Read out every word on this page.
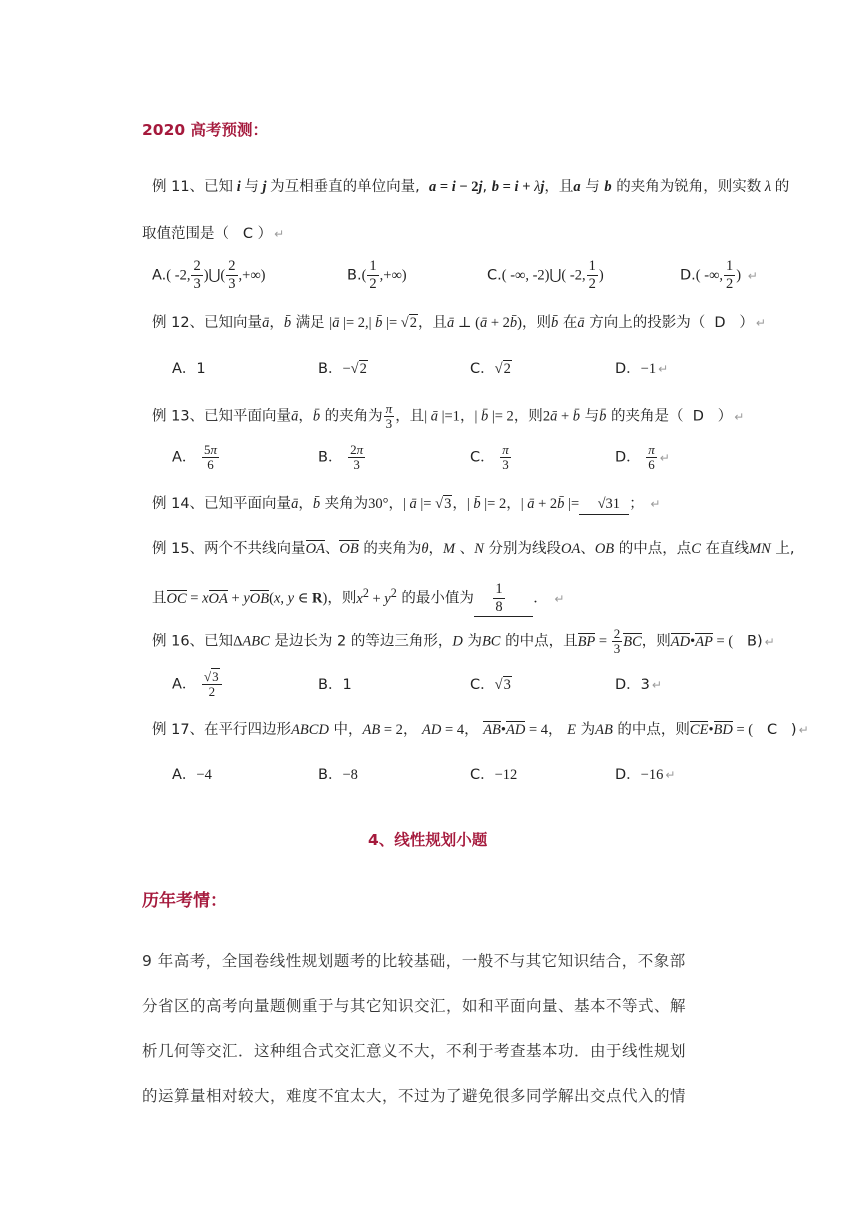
2020 高考预测：
例 11、已知 i 与 j 为互相垂直的单位向量, a = i − 2j, b = i + λj，且a 与 b 的夹角为锐角，则实数 λ 的
取值范围是（ C ） ↵
A.( -2, $\frac{2}{3}$ )⋃( $\frac{2}{3}$ ,+∞)	$B.( \frac{1}{2}$ ,+∞)	C.( -∞, -2)⋃( -2, $\frac{1}{2}$ )	D.( -∞, $\frac{1}{2}$ ) ↵
例 12、已知向量ā，b̄ 满足 |ā |= 2,| b̄ |= √2，且ā ⊥ (ā + 2b̄)，则b̄ 在ā 方向上的投影为（ D ） ↵
A．1	B．−√2	C．√2	D．−1 ↵
例 13、已知平面向量ā，b̄ 的夹角为 $\frac{\pi}{3}$ ，且| ā |=1，| b̄ |= 2，则2ā + b̄ 与b̄ 的夹角是（ D ） ↵
A． $\frac{5\pi}{6}$	B． $\frac{2\pi}{3}$	C． $\frac{\pi}{3}$	D． $\frac{\pi}{6}$ ↵
例 14、已知平面向量ā，b̄ 夹角为30°，| ā |= √3，| b̄ |= 2，| ā + 2b̄ |= √31 ； ↵
例 15、两个不共线向量OA、OB 的夹角为θ，M 、N 分别为线段OA、OB 的中点，点C 在直线MN 上,
且OC = xOA + yOB(x, y ∈ R)，则$x^2 + y^2$ 的最小值为 $\frac{1}{8}$ ． ↵
例 16、已知ΔABC 是边长为 2 的等边三角形，D 为BC 的中点，且BP = $\frac{2}{3}$ BC，则AD•AP = ( B) ↵
A． $\frac{√3}{2}$	B．1	C．√3	D．3 ↵
例 17、在平行四边形ABCD 中，AB = 2， AD = 4， AB•AD = 4， E 为AB 的中点，则CE•BD = ( C   ) ↵
A．−4	B．−8	C．−12	D．−16 ↵
4、线性规划小题
历年考情：
9 年高考，全国卷线性规划题考的比较基础，一般不与其它知识结合，不象部
分省区的高考向量题侧重于与其它知识交汇，如和平面向量、基本不等式、解
析几何等交汇．这种组合式交汇意义不大，不利于考查基本功．由于线性规划
的运算量相对较大，难度不宜太大，不过为了避免很多同学解出交点代入的情
